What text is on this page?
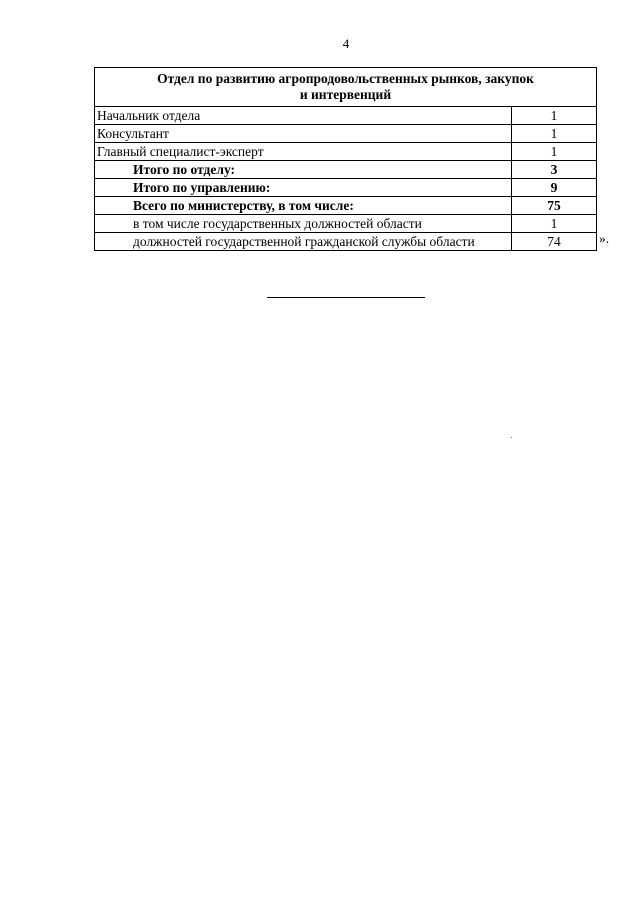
4
Отдел по развитию агропродовольственных рынков, закупок
и интервенций	
Начальник отдела	1
Консультант	1
Главный специалист-эксперт	1
Итого по отделу:	3
Итого по управлению:	9
Всего по министерству, в том числе:	75
в том числе государственных должностей области	1
должностей государственной гражданской службы области	74	».
